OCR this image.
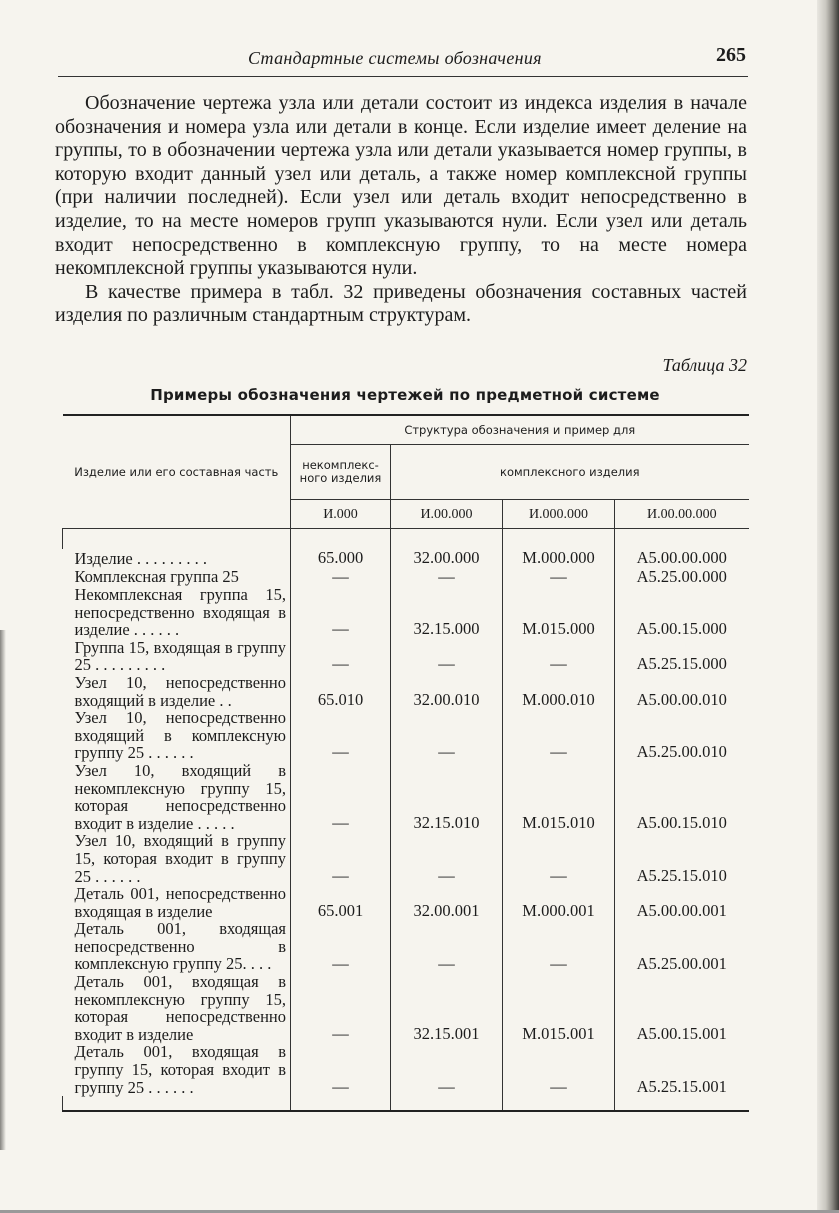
Стандартные системы обозначения	265

Обозначение чертежа узла или детали состоит из индекса изделия в начале обозначения и номера узла или детали в конце. Если изделие имеет деление на группы, то в обозначении чертежа узла или детали указывается номер группы, в которую входит данный узел или деталь, а также номер комплексной группы (при наличии последней). Если узел или деталь входит непосредственно в изделие, то на месте номеров групп указываются нули. Если узел или деталь входит непосредственно в комплексную группу, то на месте номера некомплексной группы указываются нули.

В качестве примера в табл. 32 приведены обозначения составных частей изделия по различным стандартным структурам.

Таблица 32
Примеры обозначения чертежей по предметной системе
Изделие или его составная часть	Структура обозначения и пример для			
	некомплекс-ного изделия	комплексного изделия		
	И.000	И.00.000	И.000.000	И.00.00.000

Изделие . . . . . . . . .	65.000	32.00.000	М.000.000	А5.00.00.000
Комплексная группа 25	—	—	—	А5.25.00.000
Некомплексная группа 15, непосредственно входящая в изделие . . . . . .	—	32.15.000	М.015.000	А5.00.15.000
Группа 15, входящая в группу 25 . . . . . . . . .	—	—	—	А5.25.15.000
Узел 10, непосредственно входящий в изделие . .	65.010	32.00.010	М.000.010	А5.00.00.010
Узел 10, непосредственно входящий в комплексную группу 25 . . . . . .	—	—	—	А5.25.00.010
Узел 10, входящий в некомплексную группу 15, которая непосредственно входит в изделие . . . . .	—	32.15.010	М.015.010	А5.00.15.010
Узел 10, входящий в группу 15, которая входит в группу 25 . . . . . .	—	—	—	А5.25.15.010
Деталь 001, непосредственно входящая в изделие	65.001	32.00.001	М.000.001	А5.00.00.001
Деталь 001, входящая непосредственно в комплексную группу 25. . . .	—	—	—	А5.25.00.001
Деталь 001, входящая в некомплексную группу 15, которая непосредственно входит в изделие	—	32.15.001	М.015.001	А5.00.15.001
Деталь 001, входящая в группу 15, которая входит в группу 25 . . . . . .	—	—	—	А5.25.15.001
